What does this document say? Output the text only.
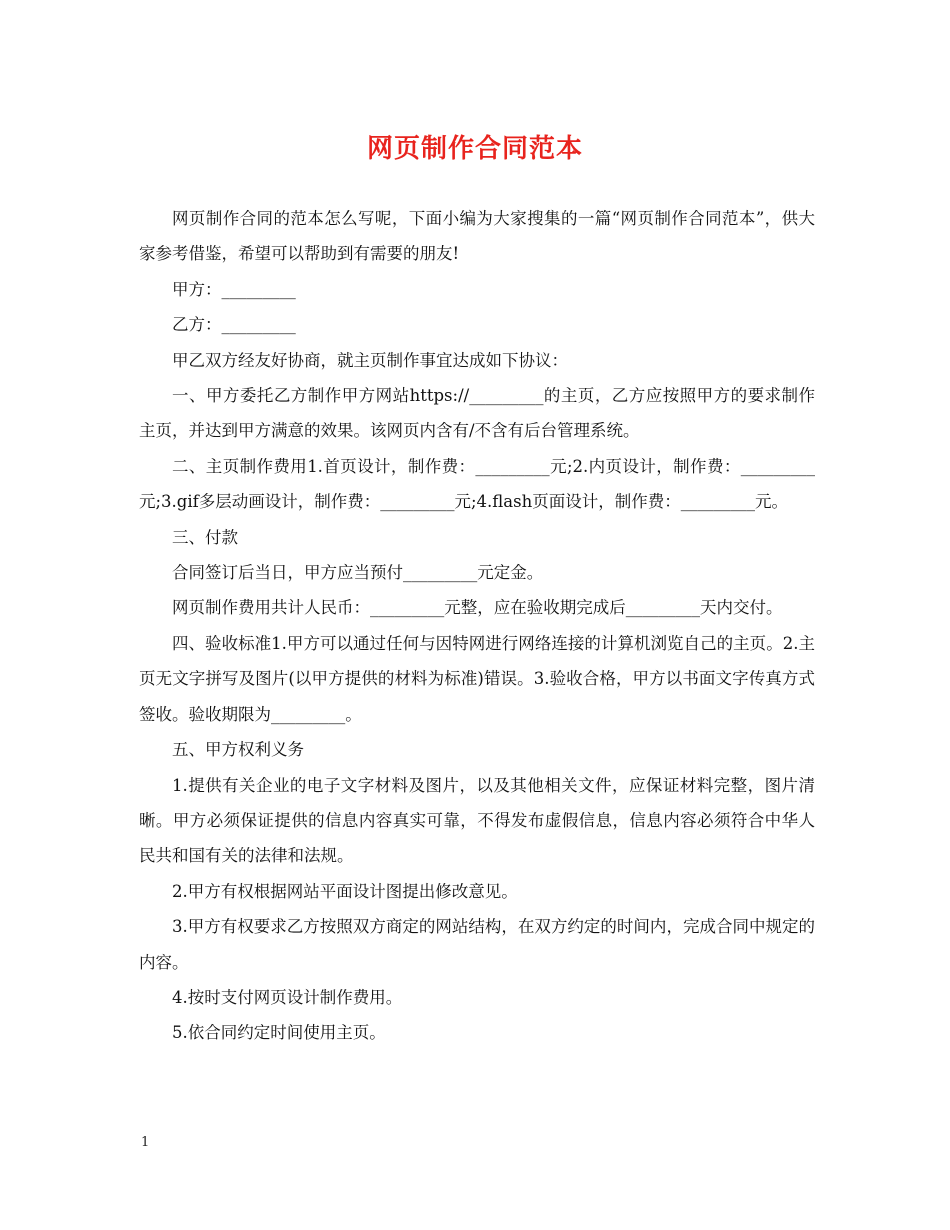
网页制作合同范本

网页制作合同的范本怎么写呢，下面小编为大家搜集的一篇“网页制作合同范本”，供大家参考借鉴，希望可以帮助到有需要的朋友!

甲方：_________

乙方：_________

甲乙双方经友好协商，就主页制作事宜达成如下协议：

一、甲方委托乙方制作甲方网站https://_________的主页，乙方应按照甲方的要求制作主页，并达到甲方满意的效果。该网页内含有/不含有后台管理系统。

二、主页制作费用1.首页设计，制作费：_________元;2.内页设计，制作费：_________元;3.gif多层动画设计，制作费：_________元;4.flash页面设计，制作费：_________元。

三、付款

合同签订后当日，甲方应当预付_________元定金。

网页制作费用共计人民币：_________元整，应在验收期完成后_________天内交付。

四、验收标准1.甲方可以通过任何与因特网进行网络连接的计算机浏览自己的主页。2.主页无文字拼写及图片(以甲方提供的材料为标准)错误。3.验收合格，甲方以书面文字传真方式签收。验收期限为_________。

五、甲方权利义务

1.提供有关企业的电子文字材料及图片，以及其他相关文件，应保证材料完整，图片清晰。甲方必须保证提供的信息内容真实可靠，不得发布虚假信息，信息内容必须符合中华人民共和国有关的法律和法规。

2.甲方有权根据网站平面设计图提出修改意见。

3.甲方有权要求乙方按照双方商定的网站结构，在双方约定的时间内，完成合同中规定的内容。

4.按时支付网页设计制作费用。

5.依合同约定时间使用主页。

1
